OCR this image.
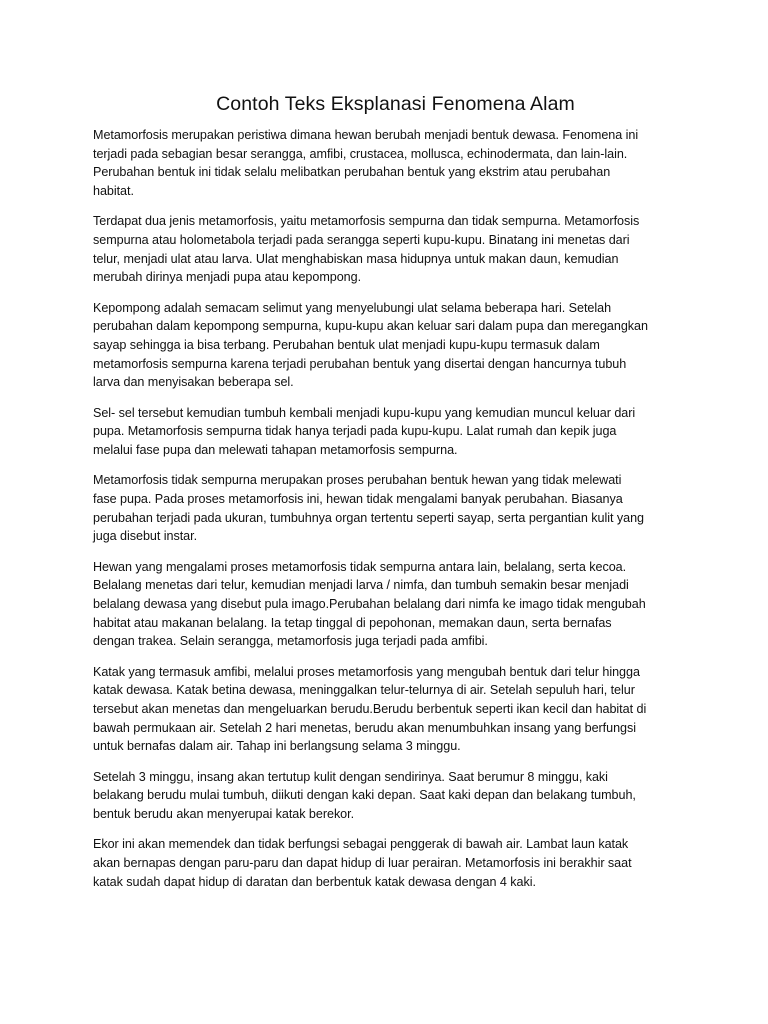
Contoh Teks Eksplanasi Fenomena Alam
Metamorfosis merupakan peristiwa dimana hewan berubah menjadi bentuk dewasa. Fenomena ini
terjadi pada sebagian besar serangga, amfibi, crustacea, mollusca, echinodermata, dan lain-lain.
Perubahan bentuk ini tidak selalu melibatkan perubahan bentuk yang ekstrim atau perubahan
habitat.
Terdapat dua jenis metamorfosis, yaitu metamorfosis sempurna dan tidak sempurna. Metamorfosis
sempurna atau holometabola terjadi pada serangga seperti kupu-kupu. Binatang ini menetas dari
telur, menjadi ulat atau larva. Ulat menghabiskan masa hidupnya untuk makan daun, kemudian
merubah dirinya menjadi pupa atau kepompong.
Kepompong adalah semacam selimut yang menyelubungi ulat selama beberapa hari. Setelah
perubahan dalam kepompong sempurna, kupu-kupu akan keluar sari dalam pupa dan meregangkan
sayap sehingga ia bisa terbang. Perubahan bentuk ulat menjadi kupu-kupu termasuk dalam
metamorfosis sempurna karena terjadi perubahan bentuk yang disertai dengan hancurnya tubuh
larva dan menyisakan beberapa sel.
Sel- sel tersebut kemudian tumbuh kembali menjadi kupu-kupu yang kemudian muncul keluar dari
pupa. Metamorfosis sempurna tidak hanya terjadi pada kupu-kupu. Lalat rumah dan kepik juga
melalui fase pupa dan melewati tahapan metamorfosis sempurna.
Metamorfosis tidak sempurna merupakan proses perubahan bentuk hewan yang tidak melewati
fase pupa. Pada proses metamorfosis ini, hewan tidak mengalami banyak perubahan. Biasanya
perubahan terjadi pada ukuran, tumbuhnya organ tertentu seperti sayap, serta pergantian kulit yang
juga disebut instar.
Hewan yang mengalami proses metamorfosis tidak sempurna antara lain, belalang, serta kecoa.
Belalang menetas dari telur, kemudian menjadi larva / nimfa, dan tumbuh semakin besar menjadi
belalang dewasa yang disebut pula imago.Perubahan belalang dari nimfa ke imago tidak mengubah
habitat atau makanan belalang. Ia tetap tinggal di pepohonan, memakan daun, serta bernafas
dengan trakea. Selain serangga, metamorfosis juga terjadi pada amfibi.
Katak yang termasuk amfibi, melalui proses metamorfosis yang mengubah bentuk dari telur hingga
katak dewasa. Katak betina dewasa, meninggalkan telur-telurnya di air. Setelah sepuluh hari, telur
tersebut akan menetas dan mengeluarkan berudu.Berudu berbentuk seperti ikan kecil dan habitat di
bawah permukaan air. Setelah 2 hari menetas, berudu akan menumbuhkan insang yang berfungsi
untuk bernafas dalam air. Tahap ini berlangsung selama 3 minggu.
Setelah 3 minggu, insang akan tertutup kulit dengan sendirinya. Saat berumur 8 minggu, kaki
belakang berudu mulai tumbuh, diikuti dengan kaki depan. Saat kaki depan dan belakang tumbuh,
bentuk berudu akan menyerupai katak berekor.
Ekor ini akan memendek dan tidak berfungsi sebagai penggerak di bawah air. Lambat laun katak
akan bernapas dengan paru-paru dan dapat hidup di luar perairan. Metamorfosis ini berakhir saat
katak sudah dapat hidup di daratan dan berbentuk katak dewasa dengan 4 kaki.
